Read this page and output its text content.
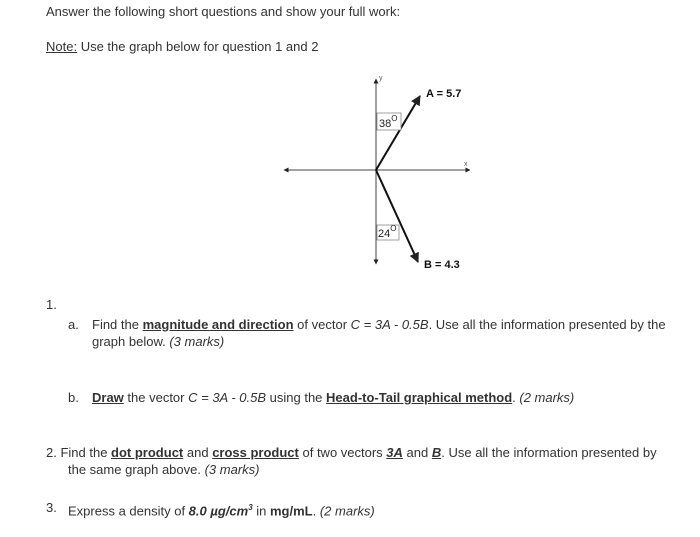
Answer the following short questions and show your full work:
Note: Use the graph below for question 1 and 2
y
x
A = 5.7
$38^O$
B = 4.3
$24^O$
1.
a. Find the magnitude and direction of vector C = 3A - 0.5B. Use all the information presented by the
graph below. (3 marks)
b. Draw the vector C = 3A - 0.5B using the Head-to-Tail graphical method. (2 marks)
2. Find the dot product and cross product of two vectors 3A and B. Use all the information presented by
the same graph above. (3 marks)
3. Express a density of 8.0 $\mu g/cm^3$ in mg/mL. (2 marks)
